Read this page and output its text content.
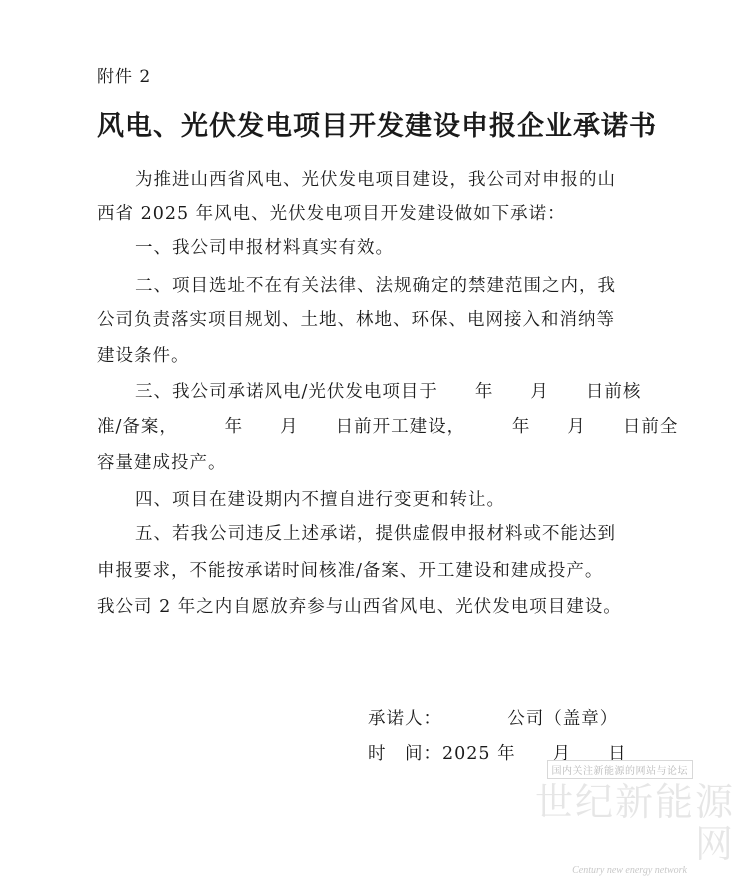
附件 2
风电、光伏发电项目开发建设申报企业承诺书
为推进山西省风电、光伏发电项目建设，我公司对申报的山
西省 2025 年风电、光伏发电项目开发建设做如下承诺：
一、我公司申报材料真实有效。
二、项目选址不在有关法律、法规确定的禁建范围之内，我
公司负责落实项目规划、土地、林地、环保、电网接入和消纳等
建设条件。
三、我公司承诺风电/光伏发电项目于　　年　　月　　日前核
准/备案，　　　年　　月　　日前开工建设，　　　年　　月　　日前全
容量建成投产。
四、项目在建设期内不擅自进行变更和转让。
五、若我公司违反上述承诺，提供虚假申报材料或不能达到
申报要求，不能按承诺时间核准/备案、开工建设和建成投产。
我公司 2 年之内自愿放弃参与山西省风电、光伏发电项目建设。
承诺人：　　　　公司（盖章）
时　间：2025 年　　月　　日
国内关注新能源的网站与论坛
世纪新能源网
Century new energy network
